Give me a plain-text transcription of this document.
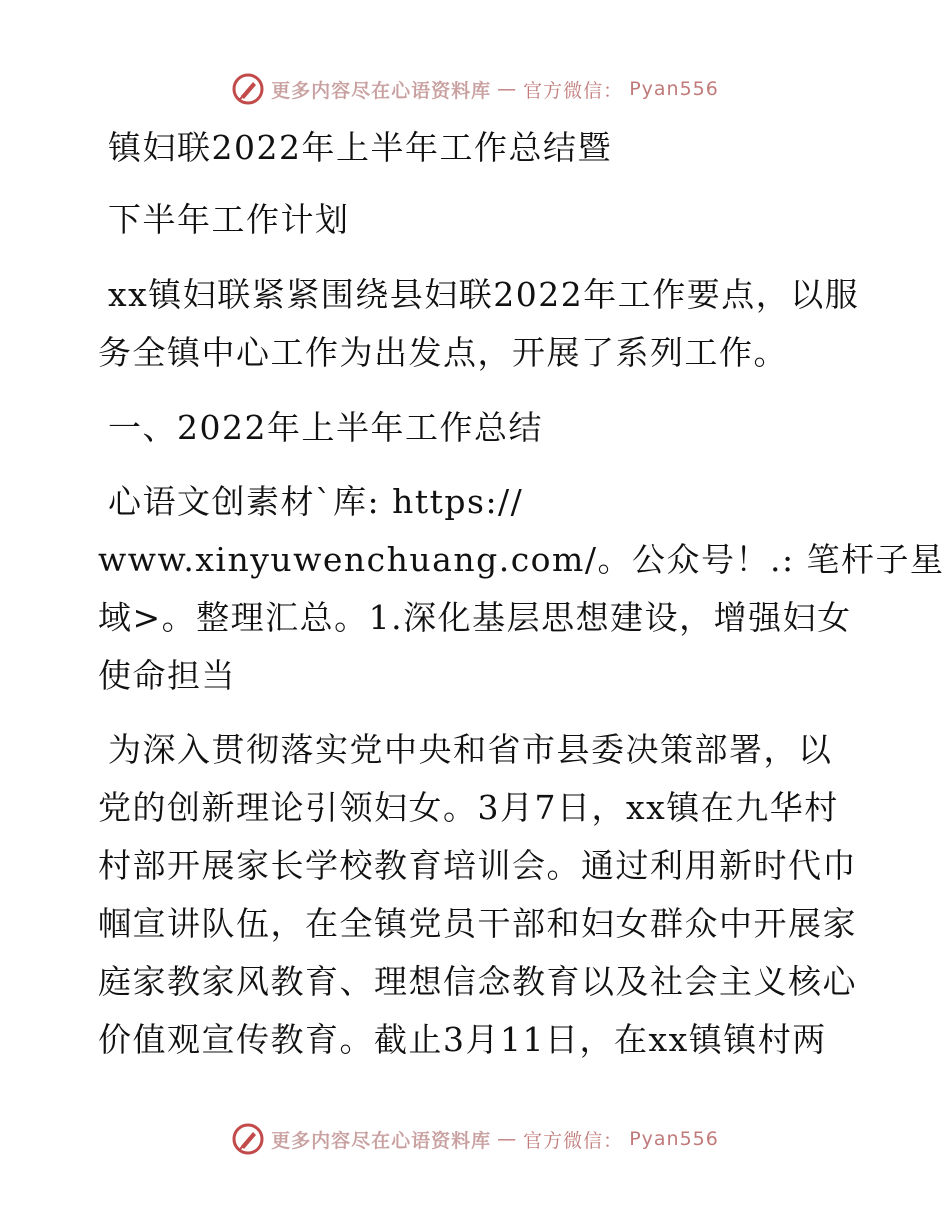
更多内容尽在心语资料库 — 官方微信： Pyan556
镇妇联2022年上半年工作总结暨
下半年工作计划
xx镇妇联紧紧围绕县妇联2022年工作要点，以服
务全镇中心工作为出发点，开展了系列工作。
一、2022年上半年工作总结
心语文创素材`库: https://
www.xinyuwenchuang.com/。公众号！.: 笔杆子星
域>。整理汇总。1.深化基层思想建设，增强妇女
使命担当
为深入贯彻落实党中央和省市县委决策部署，以
党的创新理论引领妇女。3月7日，xx镇在九华村
村部开展家长学校教育培训会。通过利用新时代巾
帼宣讲队伍，在全镇党员干部和妇女群众中开展家
庭家教家风教育、理想信念教育以及社会主义核心
价值观宣传教育。截止3月11日，在xx镇镇村两
更多内容尽在心语资料库 — 官方微信： Pyan556
